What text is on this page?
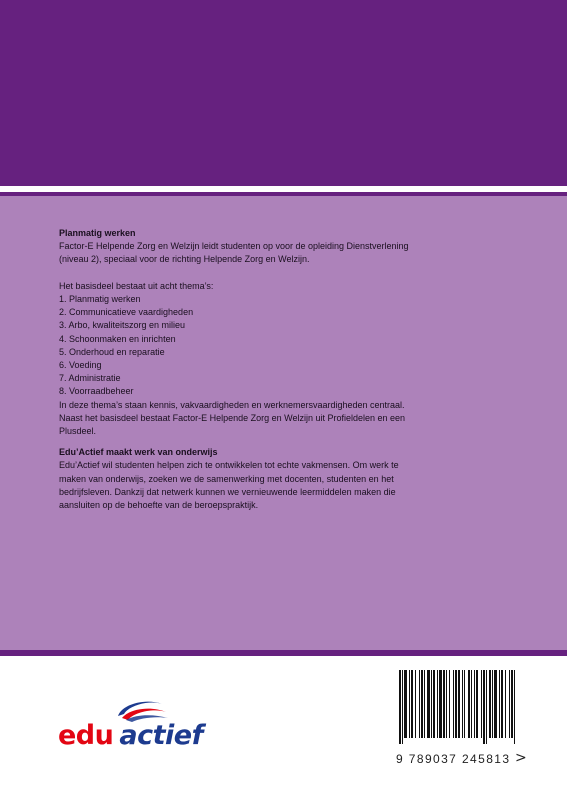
Planmatig werken

Factor-E Helpende Zorg en Welzijn leidt studenten op voor de opleiding Dienstverlening
(niveau 2), speciaal voor de richting Helpende Zorg en Welzijn.

Het basisdeel bestaat uit acht thema’s:

1. Planmatig werken
2. Communicatieve vaardigheden
3. Arbo, kwaliteitszorg en milieu
4. Schoonmaken en inrichten
5. Onderhoud en reparatie
6. Voeding
7. Administratie
8. Voorraadbeheer

In deze thema’s staan kennis, vakvaardigheden en werknemersvaardigheden centraal.
Naast het basisdeel bestaat Factor-E Helpende Zorg en Welzijn uit Profieldelen en een
Plusdeel.

Edu’Actief maakt werk van onderwijs

Edu’Actief wil studenten helpen zich te ontwikkelen tot echte vakmensen. Om werk te
maken van onderwijs, zoeken we de samenwerking met docenten, studenten en het
bedrijfsleven. Dankzij dat netwerk kunnen we vernieuwende leermiddelen maken die
aansluiten op de behoefte van de beroepspraktijk.

edu actief
9 789037 245813 >
